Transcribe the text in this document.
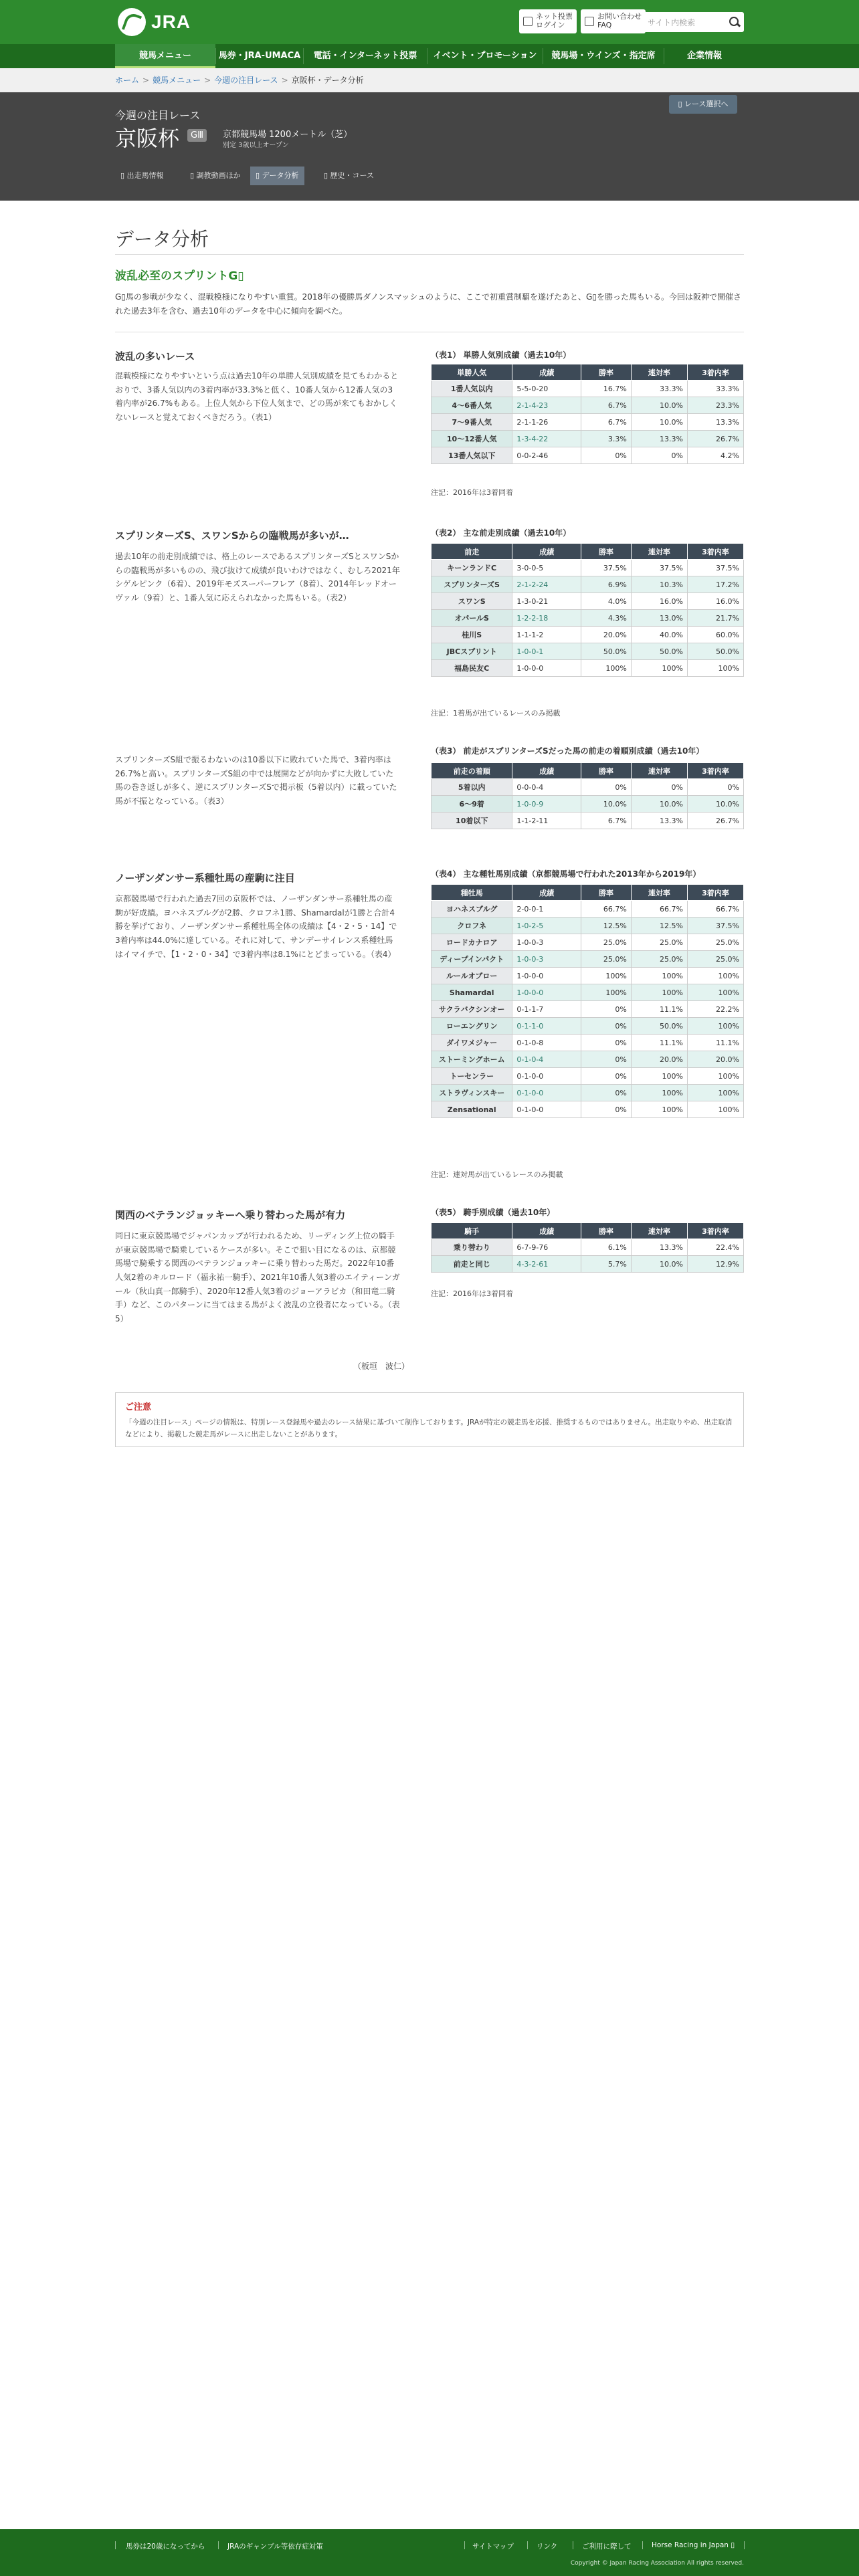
JRA	ネット投票
ログイン
お問い合わせ
FAQ	サイト内検索
競馬メニュー	馬券・JRA-UMACA	電話・インターネット投票	イベント・プロモーション	競馬場・ウインズ・指定席	企業情報
ホーム > 競馬メニュー > 今週の注目レース > 京阪杯・データ分析
▯ レース選択へ
今週の注目レース
京阪杯	GⅢ	京都競馬場 1200メートル（芝）
別定 3歳以上オープン
▯ 出走馬情報	▯ 調教動画ほか	▯ データ分析	▯ 歴史・コース
データ分析
波乱必至のスプリントG▯
G▯馬の参戦が少なく、混戦模様になりやすい重賞。2018年の優勝馬ダノンスマッシュのように、ここで初重賞制覇を遂げたあと、G▯を勝った馬もいる。今回は阪神で開催された過去3年を含む、過去10年のデータを中心に傾向を調べた。
波乱の多いレース
混戦模様になりやすいという点は過去10年の単勝人気別成績を見てもわかるとおりで、3番人気以内の3着内率が33.3%と低く、10番人気から12番人気の3着内率が26.7%もある。上位人気から下位人気まで、どの馬が来てもおかしくないレースと覚えておくべきだろう。（表1）
（表1） 単勝人気別成績（過去10年）
単勝人気	成績	勝率	連対率	3着内率
1番人気以内	5-5-0-20	16.7%	33.3%	33.3%
4〜6番人気	2-1-4-23	6.7%	10.0%	23.3%
7〜9番人気	2-1-1-26	6.7%	10.0%	13.3%
10〜12番人気	1-3-4-22	3.3%	13.3%	26.7%
13番人気以下	0-0-2-46	0%	0%	4.2%
注記：2016年は3着同着
スプリンターズS、スワンSからの臨戦馬が多いが…
過去10年の前走別成績では、格上のレースであるスプリンターズSとスワンSからの臨戦馬が多いものの、飛び抜けて成績が良いわけではなく、むしろ2021年シゲルピンク（6着）、2019年モズスーパーフレア（8着）、2014年レッドオーヴァル（9着）と、1番人気に応えられなかった馬もいる。（表2）
（表2） 主な前走別成績（過去10年）
前走	成績	勝率	連対率	3着内率
キーンランドC	3-0-0-5	37.5%	37.5%	37.5%
スプリンターズS	2-1-2-24	6.9%	10.3%	17.2%
スワンS	1-3-0-21	4.0%	16.0%	16.0%
オパールS	1-2-2-18	4.3%	13.0%	21.7%
桂川S	1-1-1-2	20.0%	40.0%	60.0%
JBCスプリント	1-0-0-1	50.0%	50.0%	50.0%
福島民友C	1-0-0-0	100%	100%	100%
注記：1着馬が出ているレースのみ掲載
スプリンターズS組で振るわないのは10番以下に敗れていた馬で、3着内率は26.7%と高い。スプリンターズS組の中では展開などが向かずに大敗していた馬の巻き返しが多く、逆にスプリンターズSで掲示板（5着以内）に載っていた馬が不振となっている。（表3）
（表3） 前走がスプリンターズSだった馬の前走の着順別成績（過去10年）
前走の着順	成績	勝率	連対率	3着内率
5着以内	0-0-0-4	0%	0%	0%
6〜9着	1-0-0-9	10.0%	10.0%	10.0%
10着以下	1-1-2-11	6.7%	13.3%	26.7%
ノーザンダンサー系種牡馬の産駒に注目
京都競馬場で行われた過去7回の京阪杯では、ノーザンダンサー系種牡馬の産駒が好成績。ヨハネスブルグが2勝、クロフネ1勝、Shamardalが1勝と合計4勝を挙げており、ノーザンダンサー系種牡馬全体の成績は【4・2・5・14】で3着内率は44.0%に達している。それに対して、サンデーサイレンス系種牡馬はイマイチで、【1・2・0・34】で3着内率は8.1%にとどまっている。（表4）
（表4） 主な種牡馬別成績（京都競馬場で行われた2013年から2019年）
種牡馬	成績	勝率	連対率	3着内率
ヨハネスブルグ	2-0-0-1	66.7%	66.7%	66.7%
クロフネ	1-0-2-5	12.5%	12.5%	37.5%
ロードカナロア	1-0-0-3	25.0%	25.0%	25.0%
ディープインパクト	1-0-0-3	25.0%	25.0%	25.0%
ルールオブロー	1-0-0-0	100%	100%	100%
Shamardal	1-0-0-0	100%	100%	100%
サクラバクシンオー	0-1-1-7	0%	11.1%	22.2%
ローエングリン	0-1-1-0	0%	50.0%	100%
ダイワメジャー	0-1-0-8	0%	11.1%	11.1%
ストーミングホーム	0-1-0-4	0%	20.0%	20.0%
トーセンラー	0-1-0-0	0%	100%	100%
ストラヴィンスキー	0-1-0-0	0%	100%	100%
Zensational	0-1-0-0	0%	100%	100%
注記：連対馬が出ているレースのみ掲載
関西のベテランジョッキーへ乗り替わった馬が有力
同日に東京競馬場でジャパンカップが行われるため、リーディング上位の騎手が東京競馬場で騎乗しているケースが多い。そこで狙い目になるのは、京都競馬場で騎乗する関西のベテランジョッキーに乗り替わった馬だ。2022年10番人気2着のキルロード（福永祐一騎手）、2021年10番人気3着のエイティーンガール（秋山真一郎騎手）、2020年12番人気3着のジョーアラビカ（和田竜二騎手）など、このパターンに当てはまる馬がよく波乱の立役者になっている。（表5）
（表5） 騎手別成績（過去10年）
騎手	成績	勝率	連対率	3着内率
乗り替わり	6-7-9-76	6.1%	13.3%	22.4%
前走と同じ	4-3-2-61	5.7%	10.0%	12.9%
注記：2016年は3着同着
（板垣　波仁）
ご注意
「今週の注目レース」ページの情報は、特別レース登録馬や過去のレース結果に基づいて制作しております。JRAが特定の競走馬を応援、推奨するものではありません。出走取りやめ、出走取消などにより、掲載した競走馬がレースに出走しないことがあります。
馬券は20歳になってから	JRAのギャンブル等依存症対策	サイトマップ	リンク	ご利用に際して	Horse Racing in Japan ▯
Copyright © Japan Racing Association All rights reserved.
